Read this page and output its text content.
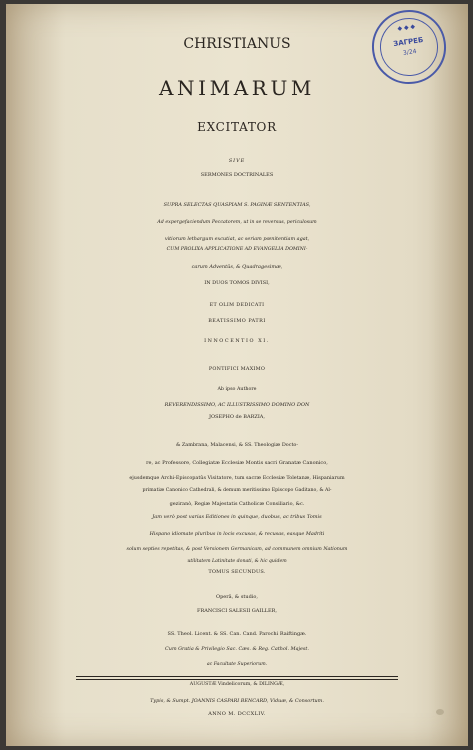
◆ ◆ ◆
ЗАГРЕБ
3/24
CHRISTIANUS
ANIMARUM
EXCITATOR
SIVE
SERMONES DOCTRINALES
SUPRA SELECTAS QUASPIAM S. PAGINÆ SENTENTIAS,
Ad expergefaciendum Peccatorem, ut in se reversus, periculosum
vitiorum lethargum excutiat, ac seriam pœnitentiam agat,
CUM PROLIXA APPLICATIONE AD EVANGELIA DOMINI-
carum Adventûs, & Quadragesimæ,
IN DUOS TOMOS DIVISI,
ET OLIM DEDICATI
BEATISSIMO PATRI
INNOCENTIO XI.
PONTIFICI MAXIMO
Ab ipso Authore
REVERENDISSIMO, AC ILLUSTRISSIMO DOMINO DON
JOSEPHO de BARZIA,
& Zambrana, Malacensi, & SS. Theologiæ Docto-
re, ac Professore, Collegiatæ Ecclesiæ Montis sacri Granatæ Canonico,
ejusdemque Archi-Episcopatûs Visitatore, tum sacræ Ecclesiæ Toletanæ, Hispaniarum
primatiæ Canonico Cathedrali, & demum meritissimo Episcopo Gaditano, & Al-
geziranò, Regiæ Majestatis Catholicæ Consiliario, &c.
Jam verò post varias Editiones in quinque, duobus, ac tribus Tomis
Hispano idiomate pluribus in locis excusas, & recusas, easque Madriti
solum septies repetitas, & post Versionem Germanicam, ad communem omnium Nationum
utilitatem Latinitate donati, & hic quidem
TOMUS SECUNDUS.
Operâ, & studio,
FRANCISCI SALESII GAILLER,
SS. Theol. Licent. & SS. Can. Cand. Parochi Raiftingæ.
Cum Gratia & Privilegio Sac. Cæs. & Reg. Cathol. Majest.
ac Facultate Superiorum.
AUGUSTÆ Vindelicorum, & DILINGÆ,
Typis, & Sumpt. JOANNIS CASPARI BENCARD, Viduæ, & Consortum.
ANNO M. DCCXLIV.
